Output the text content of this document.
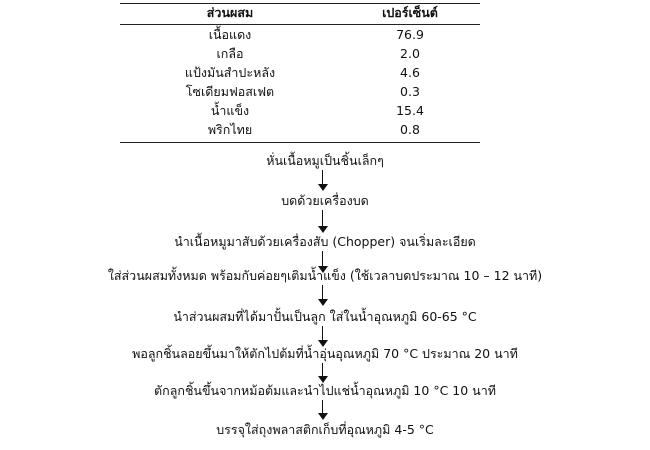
ส่วนผสม	เปอร์เซ็นต์
เนื้อแดง	76.9
เกลือ	2.0
แป้งมันสำปะหลัง	4.6
โซเดียมฟอสเฟต	0.3
น้ำแข็ง	15.4
พริกไทย	0.8
หั่นเนื้อหมูเป็นชิ้นเล็กๆ
บดด้วยเครื่องบด
นำเนื้อหมูมาสับด้วยเครื่องสับ (Chopper) จนเริ่มละเอียด
ใส่ส่วนผสมทั้งหมด พร้อมกับค่อยๆเติมน้ำแข็ง (ใช้เวลาบดประมาณ 10 – 12 นาที)
นำส่วนผสมที่ได้มาปั้นเป็นลูก ใส่ในน้ำอุณหภูมิ 60-65 °C
พอลูกชิ้นลอยขึ้นมาให้ตักไปต้มที่น้ำอุ่นอุณหภูมิ 70 °C ประมาณ 20 นาที
ตักลูกชิ้นขึ้นจากหม้อต้มและนำไปแช่น้ำอุณหภูมิ 10 °C 10 นาที
บรรจุใส่ถุงพลาสติกเก็บที่อุณหภูมิ 4-5 °C
